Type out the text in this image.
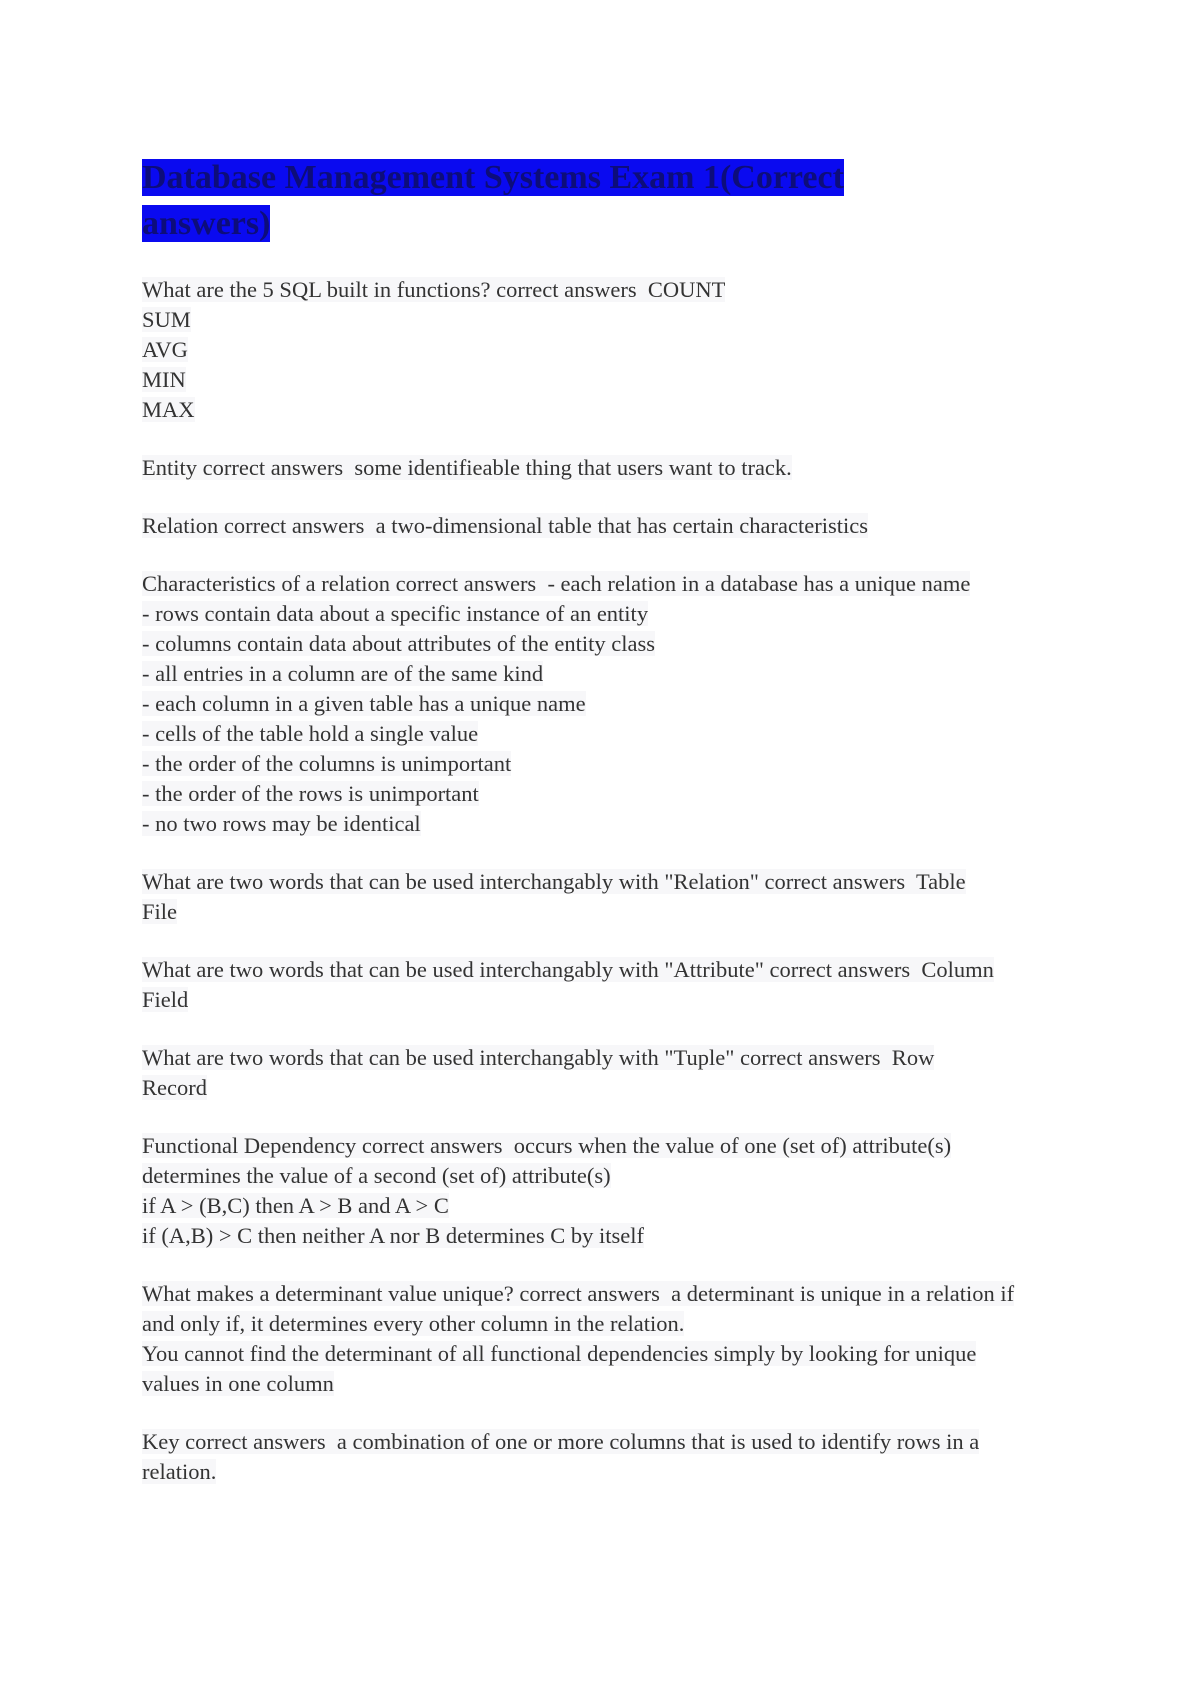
Database Management Systems Exam 1(Correct answers)
What are the 5 SQL built in functions? correct answers  COUNT
SUM
AVG
MIN
MAX
Entity correct answers  some identifieable thing that users want to track.
Relation correct answers  a two-dimensional table that has certain characteristics
Characteristics of a relation correct answers  - each relation in a database has a unique name
- rows contain data about a specific instance of an entity
- columns contain data about attributes of the entity class
- all entries in a column are of the same kind
- each column in a given table has a unique name
- cells of the table hold a single value
- the order of the columns is unimportant
- the order of the rows is unimportant
- no two rows may be identical
What are two words that can be used interchangably with "Relation" correct answers  Table
File
What are two words that can be used interchangably with "Attribute" correct answers  Column
Field
What are two words that can be used interchangably with "Tuple" correct answers  Row
Record
Functional Dependency correct answers  occurs when the value of one (set of) attribute(s)
determines the value of a second (set of) attribute(s)
if A > (B,C) then A > B and A > C
if (A,B) > C then neither A nor B determines C by itself
What makes a determinant value unique? correct answers  a determinant is unique in a relation if
and only if, it determines every other column in the relation.
You cannot find the determinant of all functional dependencies simply by looking for unique
values in one column
Key correct answers  a combination of one or more columns that is used to identify rows in a
relation.
